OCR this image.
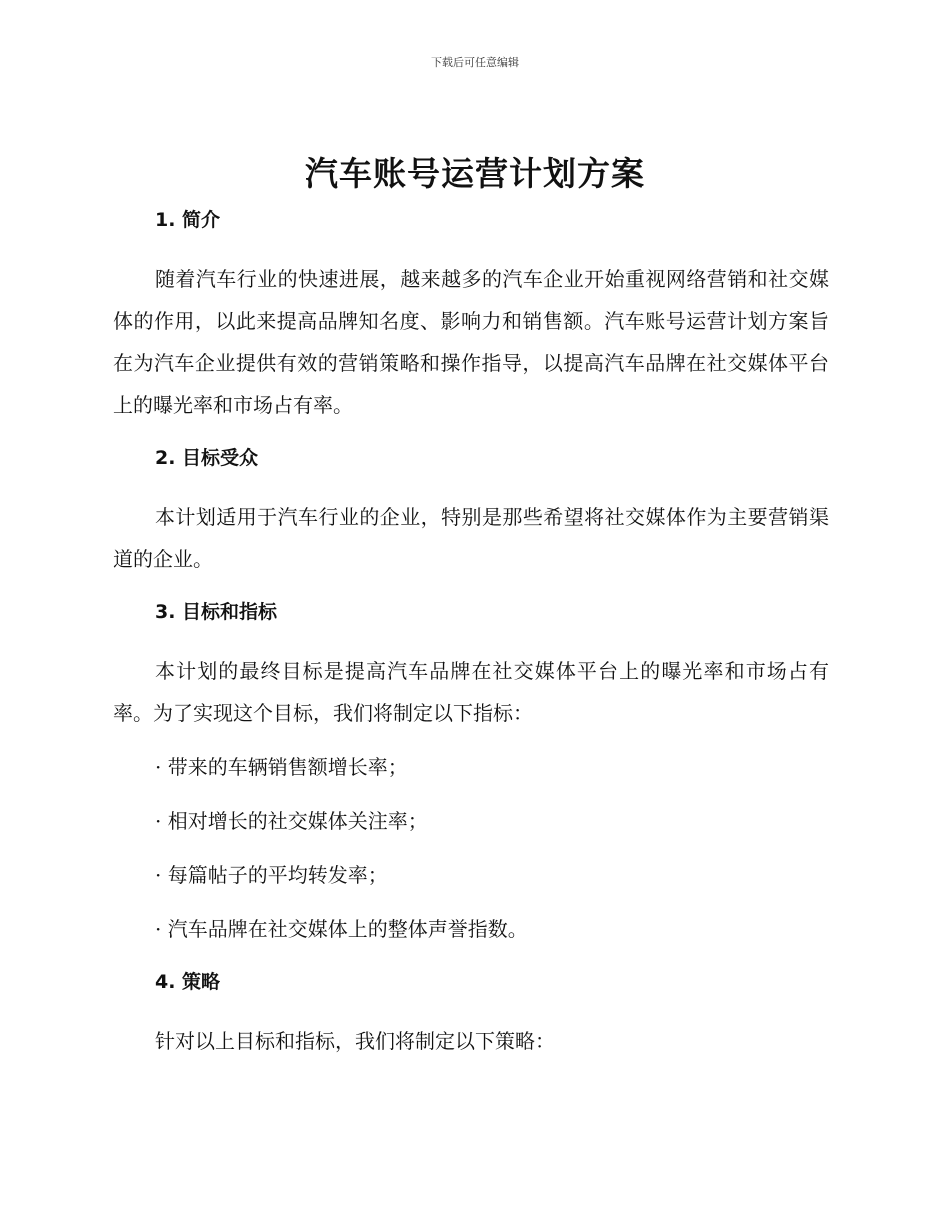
下载后可任意编辑
汽车账号运营计划方案
1. 简介

随着汽车行业的快速进展，越来越多的汽车企业开始重视网络营销和社交媒体的作用，以此来提高品牌知名度、影响力和销售额。汽车账号运营计划方案旨在为汽车企业提供有效的营销策略和操作指导，以提高汽车品牌在社交媒体平台上的曝光率和市场占有率。

2. 目标受众

本计划适用于汽车行业的企业，特别是那些希望将社交媒体作为主要营销渠道的企业。

3. 目标和指标

本计划的最终目标是提高汽车品牌在社交媒体平台上的曝光率和市场占有率。为了实现这个目标，我们将制定以下指标：

· 带来的车辆销售额增长率；
· 相对增长的社交媒体关注率；
· 每篇帖子的平均转发率；
· 汽车品牌在社交媒体上的整体声誉指数。
4. 策略

针对以上目标和指标，我们将制定以下策略：
